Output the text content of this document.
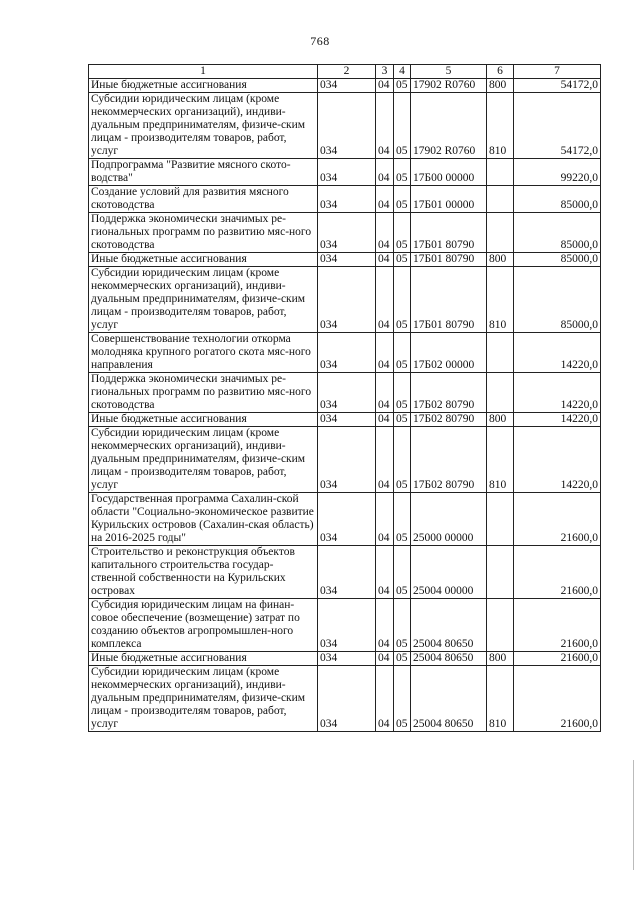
768
1	2	3	4	5	6	7
Иные бюджетные ассигнования	034	04	05	17902 R0760	800	54172,0
Субсидии юридическим лицам (кроме некоммерческих организаций), индиви-дуальным предпринимателям, физиче-ским лицам - производителям товаров, работ, услуг	034	04	05	17902 R0760	810	54172,0
Подпрограмма "Развитие мясного ското-водства"	034	04	05	17Б00 00000		99220,0
Создание условий для развития мясного скотоводства	034	04	05	17Б01 00000		85000,0
Поддержка экономически значимых ре-гиональных программ по развитию мяс-ного скотоводства	034	04	05	17Б01 80790		85000,0
Иные бюджетные ассигнования	034	04	05	17Б01 80790	800	85000,0
Субсидии юридическим лицам (кроме некоммерческих организаций), индиви-дуальным предпринимателям, физиче-ским лицам - производителям товаров, работ, услуг	034	04	05	17Б01 80790	810	85000,0
Совершенствование технологии откорма молодняка крупного рогатого скота мяс-ного направления	034	04	05	17Б02 00000		14220,0
Поддержка экономически значимых ре-гиональных программ по развитию мяс-ного скотоводства	034	04	05	17Б02 80790		14220,0
Иные бюджетные ассигнования	034	04	05	17Б02 80790	800	14220,0
Субсидии юридическим лицам (кроме некоммерческих организаций), индиви-дуальным предпринимателям, физиче-ским лицам - производителям товаров, работ, услуг	034	04	05	17Б02 80790	810	14220,0
Государственная программа Сахалин-ской области "Социально-экономическое развитие Курильских островов (Сахалин-ская область) на 2016-2025 годы"	034	04	05	25000 00000		21600,0
Строительство и реконструкция объектов капитального строительства государ-ственной собственности на Курильских островах	034	04	05	25004 00000		21600,0
Субсидия юридическим лицам на финан-совое обеспечение (возмещение) затрат по созданию объектов агропромышлен-ного комплекса	034	04	05	25004 80650		21600,0
Иные бюджетные ассигнования	034	04	05	25004 80650	800	21600,0
Субсидии юридическим лицам (кроме некоммерческих организаций), индиви-дуальным предпринимателям, физиче-ским лицам - производителям товаров, работ, услуг	034	04	05	25004 80650	810	21600,0
